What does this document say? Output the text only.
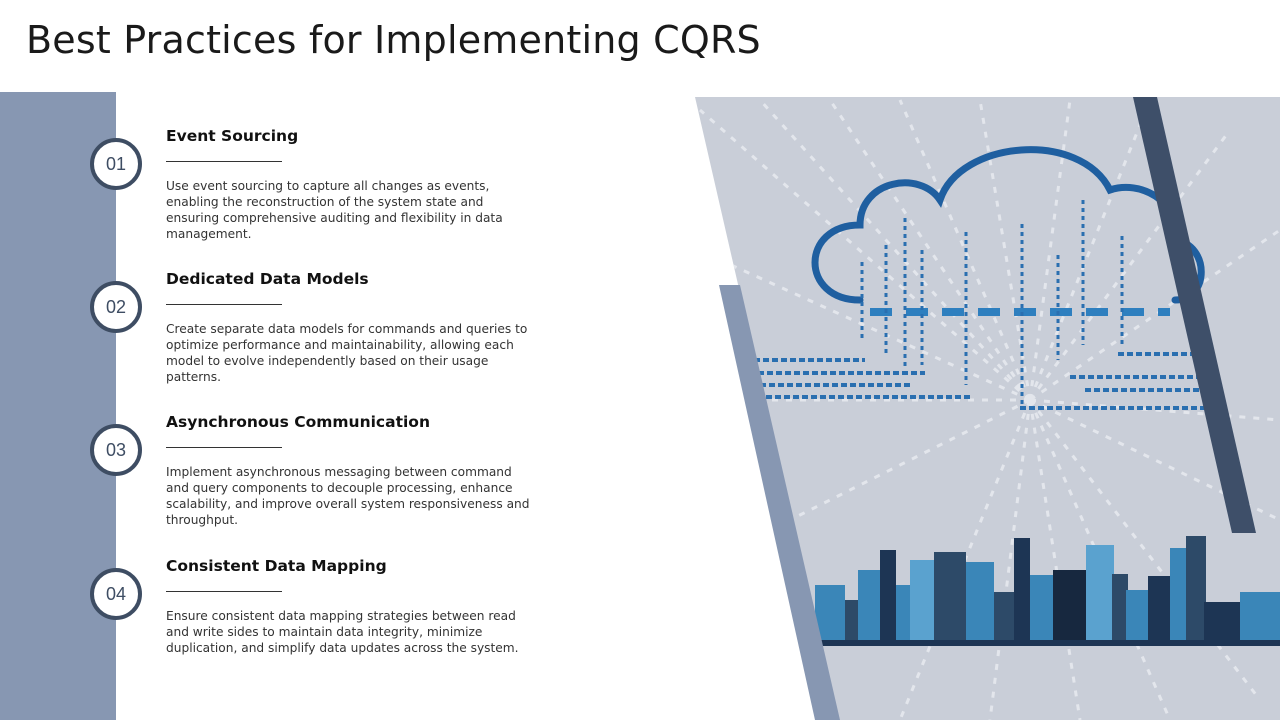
Best Practices for Implementing CQRS
01
Event Sourcing
Use event sourcing to capture all changes as events, enabling the reconstruction of the system state and ensuring comprehensive auditing and flexibility in data management.
02
Dedicated Data Models
Create separate data models for commands and queries to optimize performance and maintainability, allowing each model to evolve independently based on their usage patterns.
03
Asynchronous Communication
Implement asynchronous messaging between command and query components to decouple processing, enhance scalability, and improve overall system responsiveness and throughput.
04
Consistent Data Mapping
Ensure consistent data mapping strategies between read and write sides to maintain data integrity, minimize duplication, and simplify data updates across the system.
